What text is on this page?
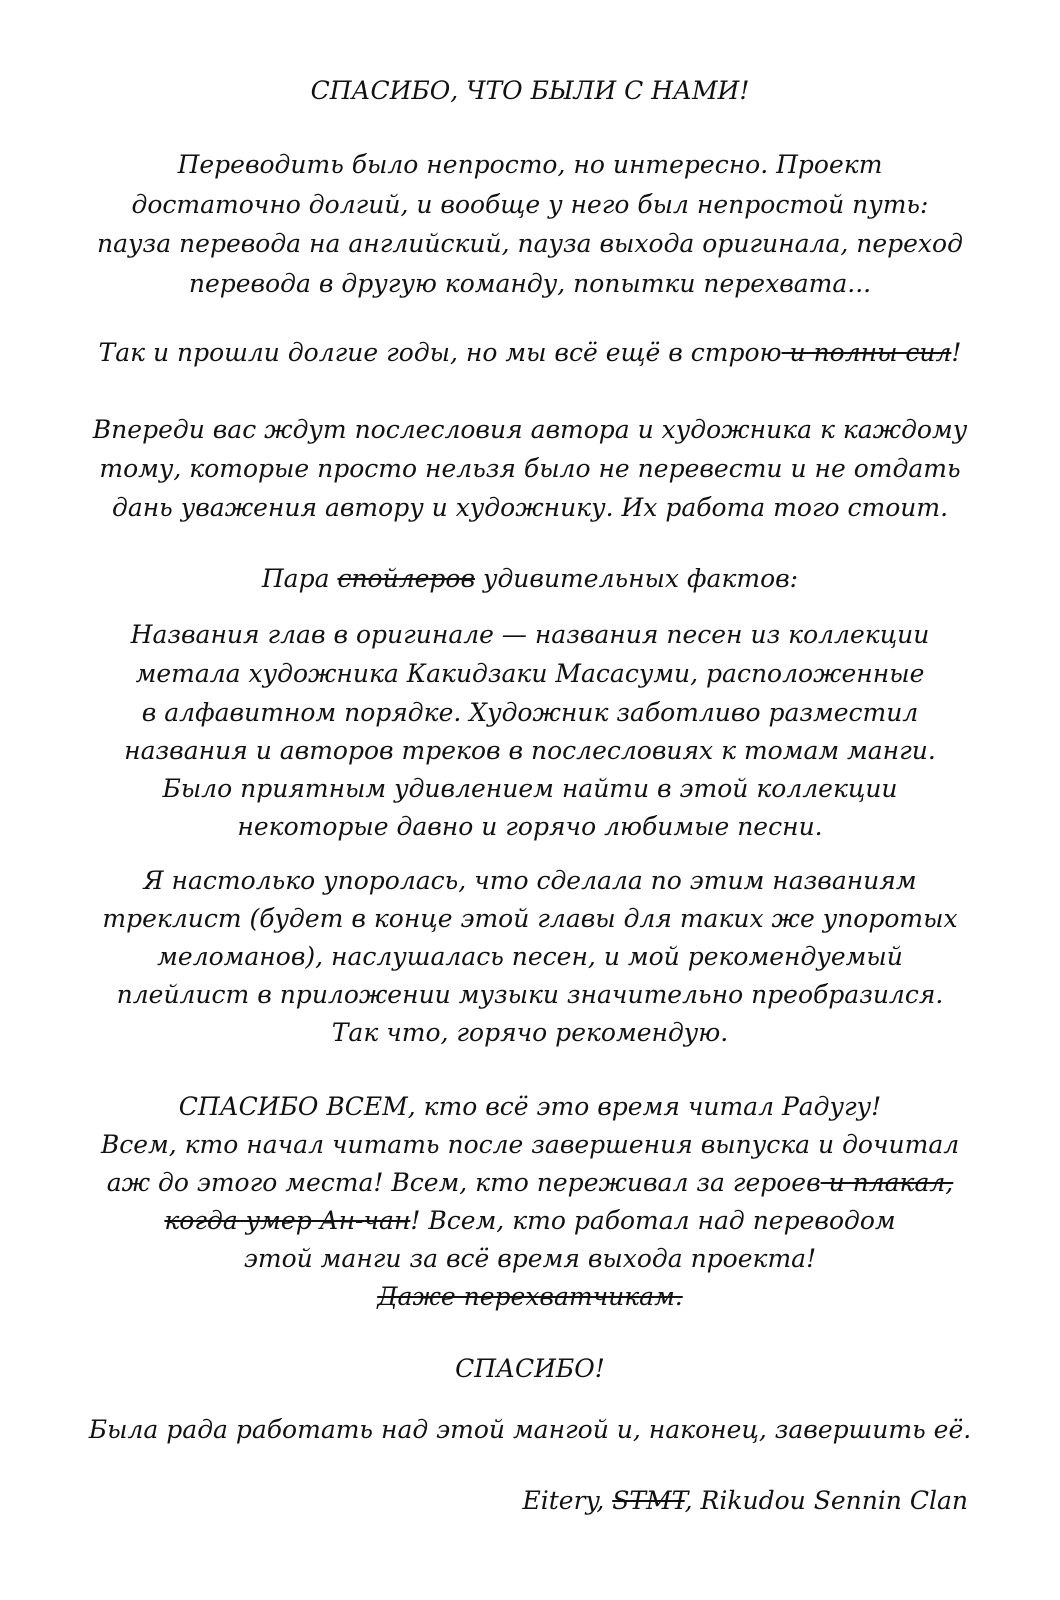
СПАСИБО, ЧТО БЫЛИ С НАМИ!
Переводить было непросто, но интересно. Проект
достаточно долгий, и вообще у него был непростой путь:
пауза перевода на английский, пауза выхода оригинала, переход
перевода в другую команду, попытки перехвата...
Так и прошли долгие годы, но мы всё ещё в строю и полны сил!
Впереди вас ждут послесловия автора и художника к каждому
тому, которые просто нельзя было не перевести и не отдать
дань уважения автору и художнику. Их работа того стоит.
Пара спойлеров удивительных фактов:
Названия глав в оригинале — названия песен из коллекции
метала художника Какидзаки Масасуми, расположенные
в алфавитном порядке. Художник заботливо разместил
названия и авторов треков в послесловиях к томам манги.
Было приятным удивлением найти в этой коллекции
некоторые давно и горячо любимые песни.
Я настолько упоролась, что сделала по этим названиям
треклист (будет в конце этой главы для таких же упоротых
меломанов), наслушалась песен, и мой рекомендуемый
плейлист в приложении музыки значительно преобразился.
Так что, горячо рекомендую.
СПАСИБО ВСЕМ, кто всё это время читал Радугу!
Всем, кто начал читать после завершения выпуска и дочитал
аж до этого места! Всем, кто переживал за героев и плакал,
когда умер Ан-чан! Всем, кто работал над переводом
этой манги за всё время выхода проекта!
Даже перехватчикам.
СПАСИБО!
Была рада работать над этой мангой и, наконец, завершить её.
Eitery, STMT, Rikudou Sennin Clan
